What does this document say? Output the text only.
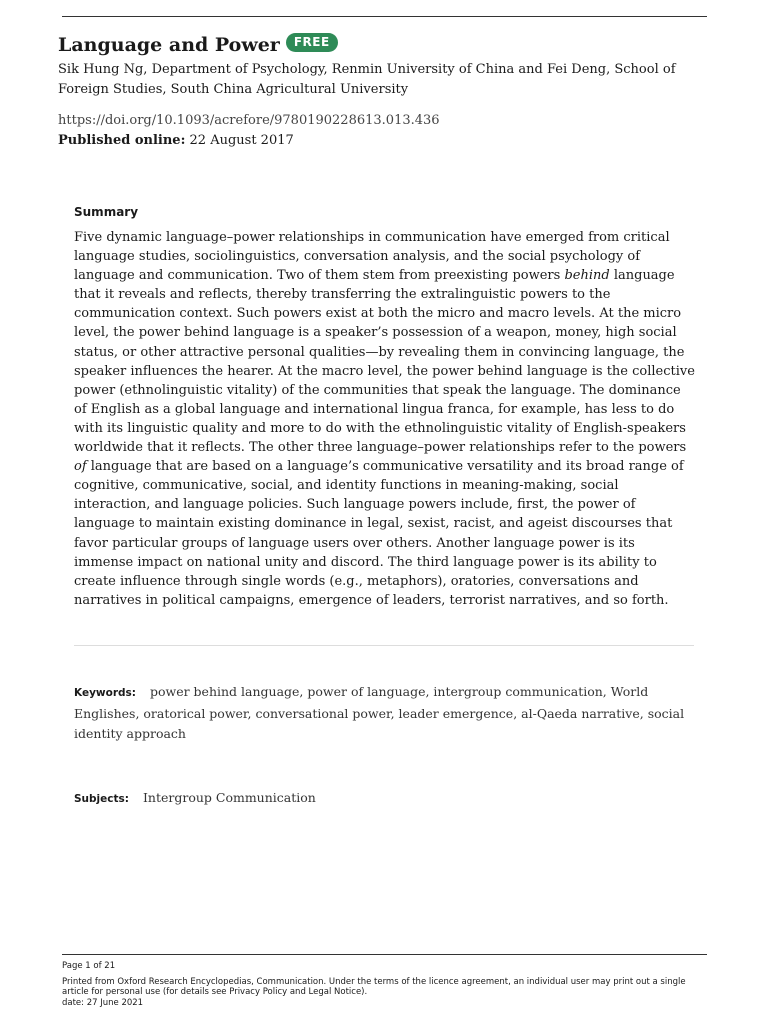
Language and Power	FREE
Sik Hung Ng, Department of Psychology, Renmin University of China and Fei Deng, School of Foreign Studies, South China Agricultural University
https://doi.org/10.1093/acrefore/9780190228613.013.436
Published online: 22 August 2017
Summary
Five dynamic language–power relationships in communication have emerged from critical language studies, sociolinguistics, conversation analysis, and the social psychology of language and communication. Two of them stem from preexisting powers behind language that it reveals and reflects, thereby transferring the extralinguistic powers to the communication context. Such powers exist at both the micro and macro levels. At the micro level, the power behind language is a speaker’s possession of a weapon, money, high social status, or other attractive personal qualities—by revealing them in convincing language, the speaker influences the hearer. At the macro level, the power behind language is the collective power (ethnolinguistic vitality) of the communities that speak the language. The dominance of English as a global language and international lingua franca, for example, has less to do with its linguistic quality and more to do with the ethnolinguistic vitality of English-speakers worldwide that it reflects. The other three language–power relationships refer to the powers of language that are based on a language’s communicative versatility and its broad range of cognitive, communicative, social, and identity functions in meaning-making, social interaction, and language policies. Such language powers include, first, the power of language to maintain existing dominance in legal, sexist, racist, and ageist discourses that favor particular groups of language users over others. Another language power is its immense impact on national unity and discord. The third language power is its ability to create influence through single words (e.g., metaphors), oratories, conversations and narratives in political campaigns, emergence of leaders, terrorist narratives, and so forth.
Keywords: power behind language, power of language, intergroup communication, World Englishes, oratorical power, conversational power, leader emergence, al-Qaeda narrative, social identity approach
Subjects: Intergroup Communication
Page 1 of 21
Printed from Oxford Research Encyclopedias, Communication. Under the terms of the licence agreement, an individual user may print out a single article for personal use (for details see Privacy Policy and Legal Notice).
date: 27 June 2021
